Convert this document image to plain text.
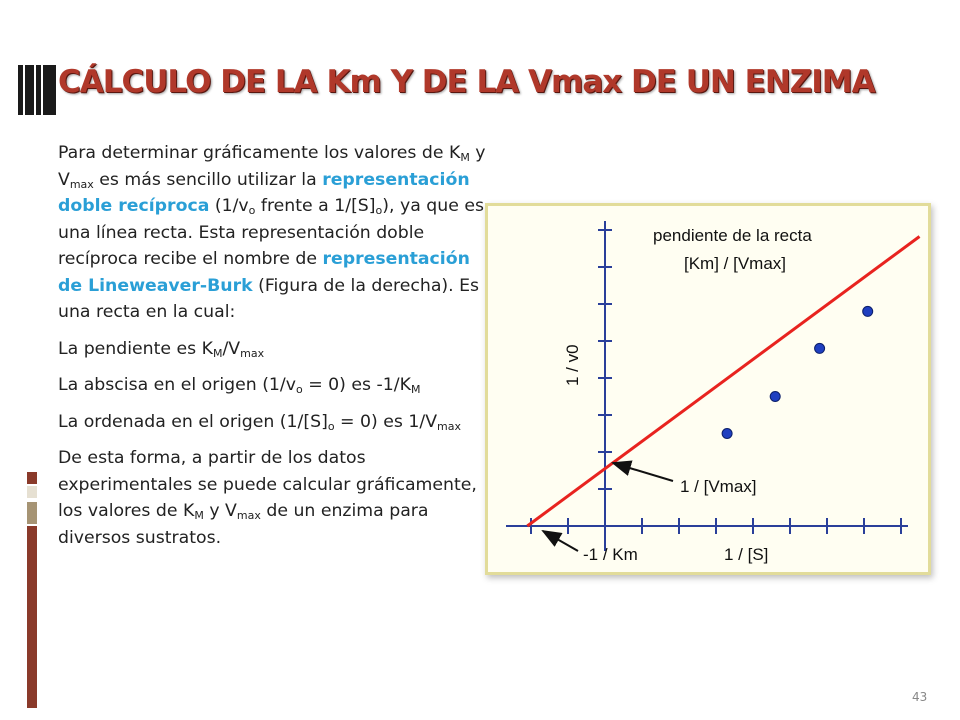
CÁLCULO DE LA Km Y DE LA Vmax DE UN ENZIMA

Para determinar gráficamente los valores de $K_M$ y $V_{max}$ es más sencillo utilizar la representación doble recíproca ($1/v_o$ frente a $1/[S]_o$), ya que es una línea recta. Esta representación doble recíproca recibe el nombre de representación de Lineweaver-Burk (Figura de la derecha). Es una recta en la cual:

La pendiente es $K_M/V_{max}$

La abscisa en el origen $(1/v_o = 0)$ es $-1/K_M$

La ordenada en el origen $(1/[S]_o = 0)$ es $1/V_{max}$

De esta forma, a partir de los datos experimentales se puede calcular gráficamente, los valores de $K_M$ y $V_{max}$ de un enzima para diversos sustratos.

pendiente de la recta
[Km] / [Vmax]
1 / [Vmax]
-1 / Km	1 / [S]
1 / v0
43
